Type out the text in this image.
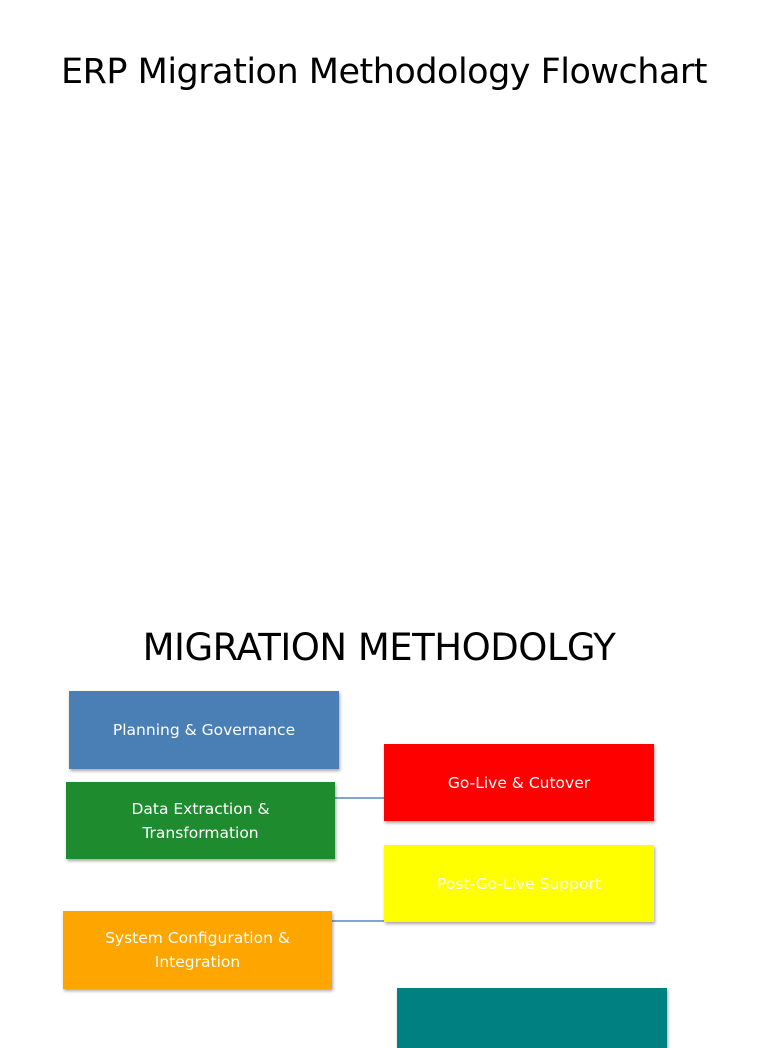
ERP Migration Methodology Flowchart
MIGRATION METHODOLGY
Planning & Governance
Data Extraction &
Transformation
System Configuration &
Integration
Go-Live & Cutover
Post-Go-Live Support
